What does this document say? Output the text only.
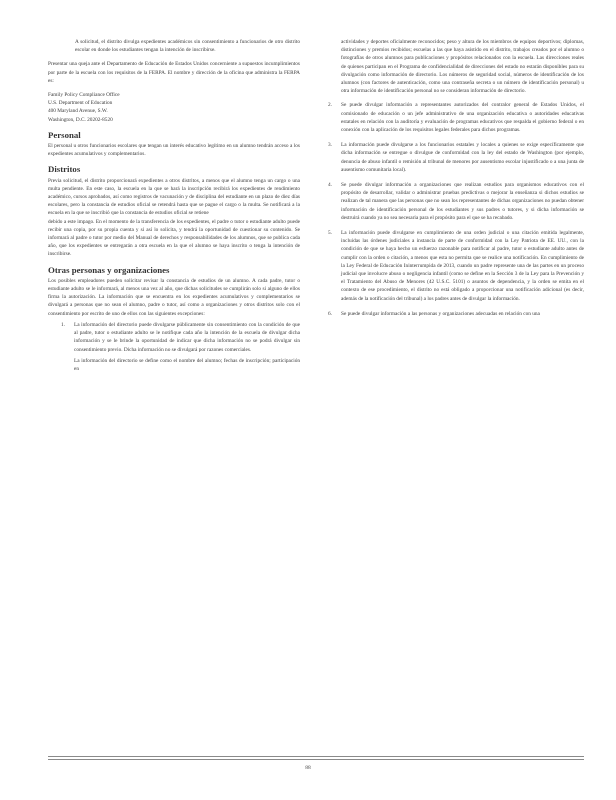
A solicitud, el distrito divulga expedientes académicos sin consentimiento a funcionarios de otro distrito escolar en donde los estudiantes tengan la intención de inscribirse.

Presentar una queja ante el Departamento de Educación de Estados Unidos concerniente a supuestos incumplimientos por parte de la escuela con los requisitos de la FERPA. El nombre y dirección de la oficina que administra la FERPA es:

Family Policy Compliance Office
U.S. Department of Education
400 Maryland Avenue, S.W.
Washington, D.C. 20202-8520
Personal

El personal u otros funcionarios escolares que tengan un interés educativo legítimo en un alumno tendrán acceso a los expedientes acumulativos y complementarios.

Distritos

Previa solicitud, el distrito proporcionará expedientes a otros distritos, a menos que el alumno tenga un cargo o una multa pendiente. En este caso, la escuela en la que se hará la inscripción recibirá los expedientes de rendimiento académico, cursos aprobados, así como registros de vacunación y de disciplina del estudiante en un plazo de diez días escolares, pero la constancia de estudios oficial se retendrá hasta que se pague el cargo o la multa. Se notificará a la escuela en la que se inscribió que la constancia de estudios oficial se retiene

debido a este impago. En el momento de la transferencia de los expedientes, el padre o tutor o estudiante adulto puede recibir una copia, por su propia cuenta y si así lo solicita, y tendrá la oportunidad de cuestionar su contenido. Se informará al padre o tutor por medio del Manual de derechos y responsabilidades de los alumnos, que se publica cada año, que los expedientes se entregarán a otra escuela en la que el alumno se haya inscrito o tenga la intención de inscribirse.

Otras personas y organizaciones

Los posibles empleadores pueden solicitar revisar la constancia de estudios de un alumno. A cada padre, tutor o estudiante adulto se le informará, al menos una vez al año, que dichas solicitudes se cumplirán solo si alguno de ellos firma la autorización. La información que se encuentra en los expedientes acumulativos y complementarios se divulgará a personas que no sean el alumno, padre o tutor, así como a organizaciones y otros distritos solo con el consentimiento por escrito de uno de ellos con las siguientes excepciones:

1. La información del directorio puede divulgarse públicamente sin consentimiento con la condición de que al padre, tutor o estudiante adulto se le notifique cada año la intención de la escuela de divulgar dicha información y se le brinde la oportunidad de indicar que dicha información no se podrá divulgar sin consentimiento previo. Dicha información no se divulgará por razones comerciales.

La información del directorio se define como el nombre del alumno; fechas de inscripción; participación en

actividades y deportes oficialmente reconocidos; peso y altura de los miembros de equipos deportivos; diplomas, distinciones y premios recibidos; escuelas a las que haya asistido en el distrito, trabajos creados por el alumno o fotografías de otros alumnos para publicaciones y propósitos relacionados con la escuela. Las direcciones reales de quienes participan en el Programa de confidencialidad de direcciones del estado no estarán disponibles para su divulgación como información de directorio. Los números de seguridad social, números de identificación de los alumnos (con factores de autenticación, como una contraseña secreta o un número de identificación personal) u otra información de identificación personal no se consideran información de directorio.

2. Se puede divulgar información a representantes autorizados del contralor general de Estados Unidos, el comisionado de educación o un jefe administrativo de una organización educativa o autoridades educativas estatales en relación con la auditoría y evaluación de programas educativos que respalda el gobierno federal o en conexión con la aplicación de los requisitos legales federales para dichos programas.

3. La información puede divulgarse a los funcionarios estatales y locales a quienes se exige específicamente que dicha información se entregue o divulgue de conformidad con la ley del estado de Washington (por ejemplo, denuncia de abuso infantil o remisión al tribunal de menores por ausentismo escolar injustificado o a una junta de ausentismo comunitaria local).

4. Se puede divulgar información a organizaciones que realizan estudios para organismos educativos con el propósito de desarrollar, validar o administrar pruebas predictivas o mejorar la enseñanza si dichos estudios se realizan de tal manera que las personas que no sean los representantes de dichas organizaciones no puedan obtener información de identificación personal de los estudiantes y sus padres o tutores, y si dicha información se destruirá cuando ya no sea necesaria para el propósito para el que se ha recabado.

5. La información puede divulgarse en cumplimiento de una orden judicial o una citación emitida legalmente, incluidas las órdenes judiciales a instancia de parte de conformidad con la Ley Patriota de EE. UU., con la condición de que se haya hecho un esfuerzo razonable para notificar al padre, tutor o estudiante adulto antes de cumplir con la orden o citación, a menos que esta no permita que se realice una notificación. En cumplimiento de la Ley Federal de Educación Ininterrumpida de 2013, cuando un padre represente una de las partes en un proceso judicial que involucre abuso o negligencia infantil (como se define en la Sección 3 de la Ley para la Prevención y el Tratamiento del Abuso de Menores (42 U.S.C. 5101) o asuntos de dependencia, y la orden se emita en el contexto de ese procedimiento, el distrito no está obligado a proporcionar una notificación adicional (es decir, además de la notificación del tribunal) a los padres antes de divulgar la información.

6. Se puede divulgar información a las personas y organizaciones adecuadas en relación con una

88
